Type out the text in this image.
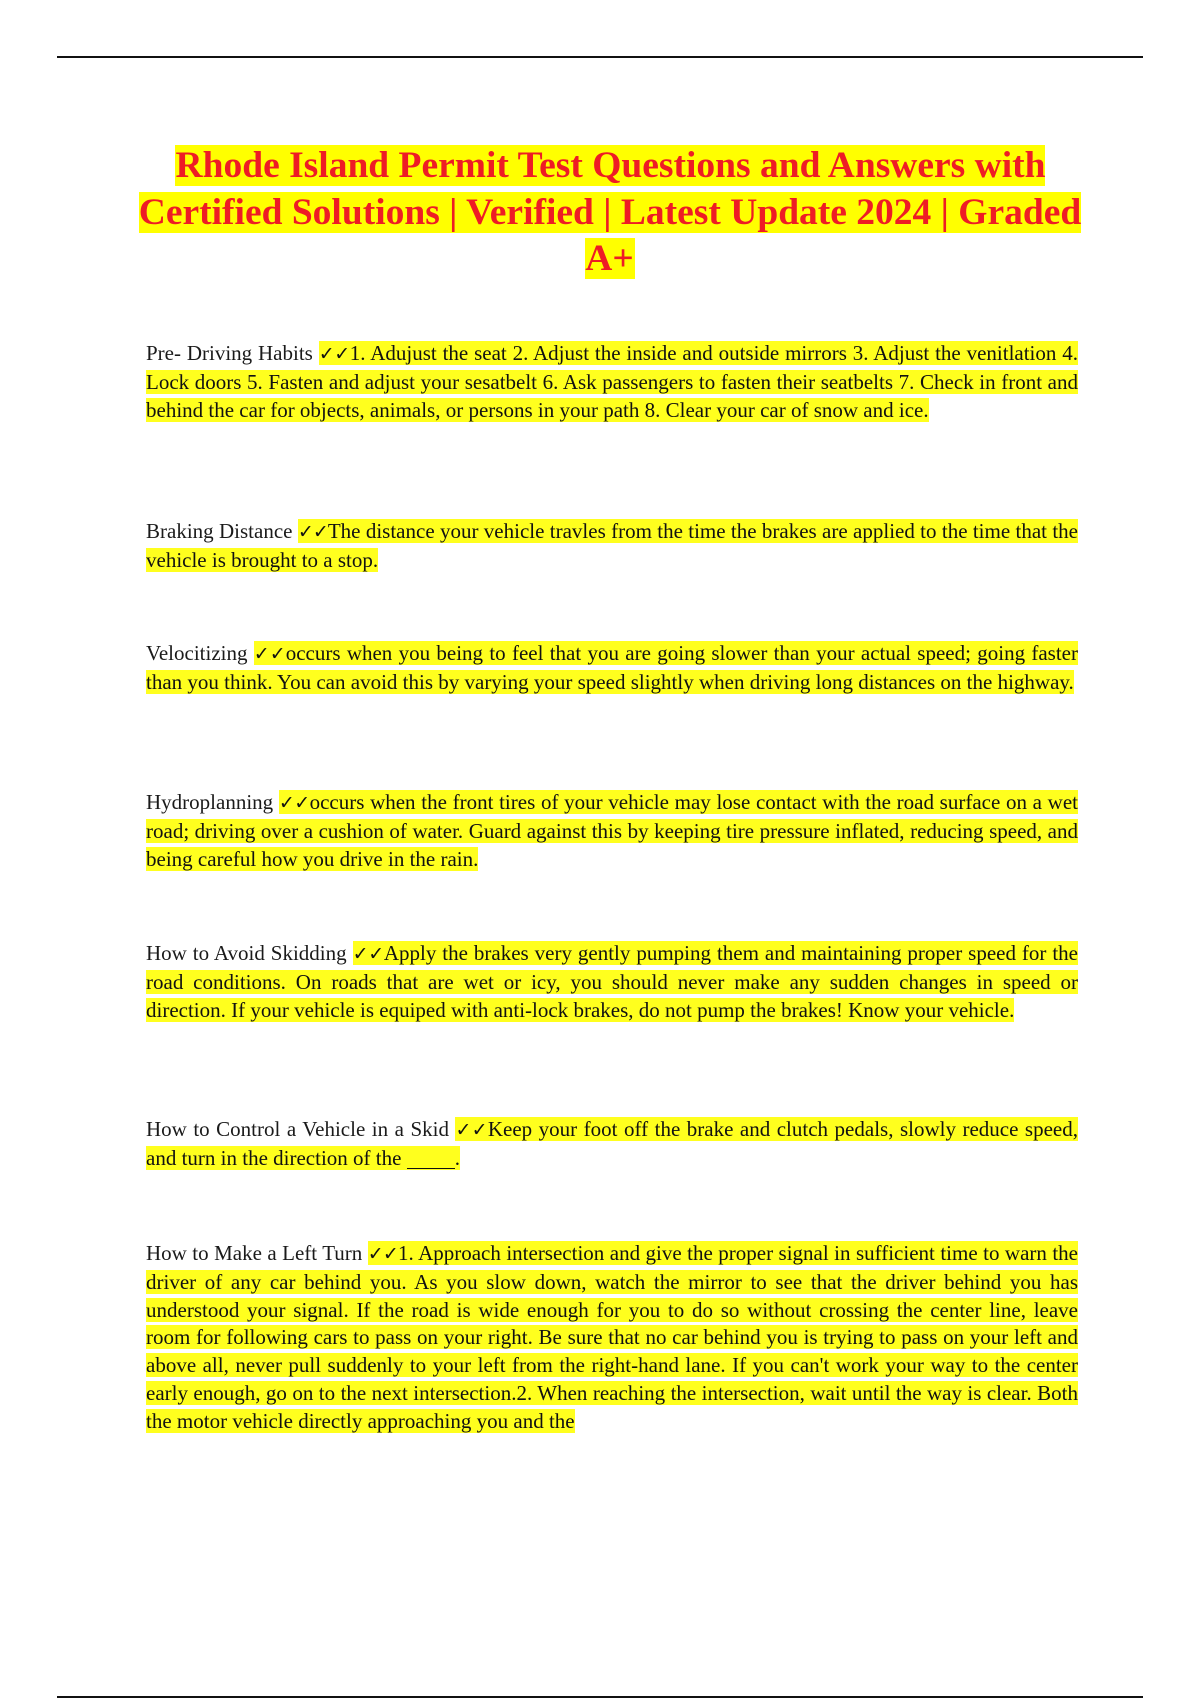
Rhode Island Permit Test Questions and Answers with Certified Solutions | Verified | Latest Update 2024 | Graded A+

Pre- Driving Habits ✓✓1. Adujust the seat 2. Adjust the inside and outside mirrors 3. Adjust the venitlation 4. Lock doors 5. Fasten and adjust your sesatbelt 6. Ask passengers to fasten their seatbelts 7. Check in front and behind the car for objects, animals, or persons in your path 8. Clear your car of snow and ice.

Braking Distance ✓✓The distance your vehicle travles from the time the brakes are applied to the time that the vehicle is brought to a stop.

Velocitizing ✓✓occurs when you being to feel that you are going slower than your actual speed; going faster than you think. You can avoid this by varying your speed slightly when driving long distances on the highway.

Hydroplanning ✓✓occurs when the front tires of your vehicle may lose contact with the road surface on a wet road; driving over a cushion of water. Guard against this by keeping tire pressure inflated, reducing speed, and being careful how you drive in the rain.

How to Avoid Skidding ✓✓Apply the brakes very gently pumping them and maintaining proper speed for the road conditions. On roads that are wet or icy, you should never make any sudden changes in speed or direction. If your vehicle is equiped with anti-lock brakes, do not pump the brakes! Know your vehicle.

How to Control a Vehicle in a Skid ✓✓Keep your foot off the brake and clutch pedals, slowly reduce speed, and turn in the direction of the	.

How to Make a Left Turn ✓✓1. Approach intersection and give the proper signal in sufficient time to warn the driver of any car behind you. As you slow down, watch the mirror to see that the driver behind you has understood your signal. If the road is wide enough for you to do so without crossing the center line, leave room for following cars to pass on your right. Be sure that no car behind you is trying to pass on your left and above all, never pull suddenly to your left from the right-hand lane. If you can't work your way to the center early enough, go on to the next intersection.2. When reaching the intersection, wait until the way is clear. Both the motor vehicle directly approaching you and the
